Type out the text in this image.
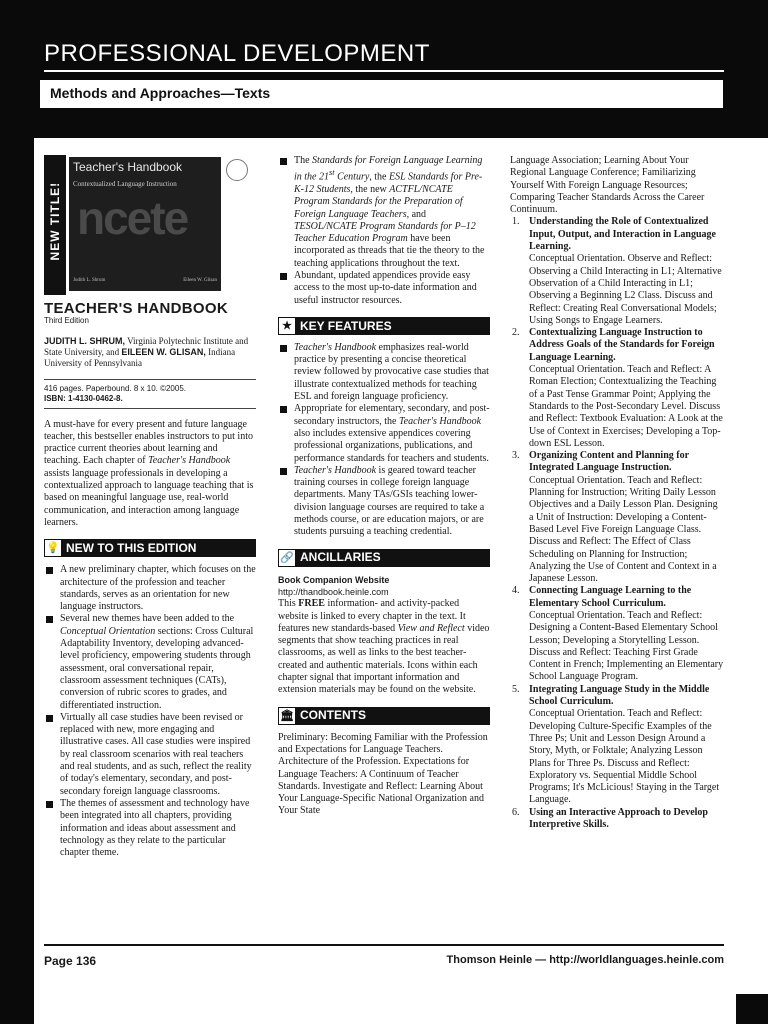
PROFESSIONAL DEVELOPMENT
Methods and Approaches—Texts
NEW TITLE!
Teacher's Handbook
Contextualized Language Instruction
ncete
Judith L. Shrum	Eileen W. Glisan
TEACHER'S HANDBOOK
Third Edition
JUDITH L. SHRUM, Virginia Polytechnic Institute and State University, and EILEEN W. GLISAN, Indiana University of Pennsylvania
416 pages. Paperbound. 8 x 10. ©2005.
ISBN: 1-4130-0462-8.

A must-have for every present and future language teacher, this bestseller enables instructors to put into practice current theories about learning and teaching. Each chapter of Teacher's Handbook assists language professionals in developing a contextualized approach to language teaching that is based on meaningful language use, real-world communication, and interaction among language learners.

💡 NEW TO THIS EDITION
A new preliminary chapter, which focuses on the architecture of the profession and teacher standards, serves as an orientation for new language instructors.
Several new themes have been added to the Conceptual Orientation sections: Cross Cultural Adaptability Inventory, developing advanced-level proficiency, empowering students through assessment, oral conversational repair, classroom assessment techniques (CATs), conversion of rubric scores to grades, and differentiated instruction.
Virtually all case studies have been revised or replaced with new, more engaging and illustrative cases. All case studies were inspired by real classroom scenarios with real teachers and real students, and as such, reflect the reality of today's elementary, secondary, and post-secondary foreign language classrooms.
The themes of assessment and technology have been integrated into all chapters, providing information and ideas about assessment and technology as they relate to the particular chapter theme.
The Standards for Foreign Language Learning in the 21st Century, the ESL Standards for Pre-K-12 Students, the new ACTFL/NCATE Program Standards for the Preparation of Foreign Language Teachers, and TESOL/NCATE Program Standards for P–12 Teacher Education Program have been incorporated as threads that tie the theory to the teaching applications throughout the text.
Abundant, updated appendices provide easy access to the most up-to-date information and useful instructor resources.
★ KEY FEATURES
Teacher's Handbook emphasizes real-world practice by presenting a concise theoretical review followed by provocative case studies that illustrate contextualized methods for teaching ESL and foreign language proficiency.
Appropriate for elementary, secondary, and post-secondary instructors, the Teacher's Handbook also includes extensive appendices covering professional organizations, publications, and performance standards for teachers and students.
Teacher's Handbook is geared toward teacher training courses in college foreign language departments. Many TAs/GSIs teaching lower-division language courses are required to take a methods course, or are education majors, or are students pursuing a teaching credential.
🔗 ANCILLARIES
Book Companion Website
http://thandbook.heinle.com

This FREE information- and activity-packed website is linked to every chapter in the text. It features new standards-based View and Reflect video segments that show teaching practices in real classrooms, as well as links to the best teacher-created and authentic materials. Icons within each chapter signal that important information and extension materials may be found on the website.

🏛 CONTENTS

Preliminary: Becoming Familiar with the Profession and Expectations for Language Teachers. Architecture of the Profession. Expectations for Language Teachers: A Continuum of Teacher Standards. Investigate and Reflect: Learning About Your Language-Specific National Organization and Your State

Language Association; Learning About Your Regional Language Conference; Familiarizing Yourself With Foreign Language Resources; Comparing Teacher Standards Across the Career Continuum.

1. Understanding the Role of Contextualized Input, Output, and Interaction in Language Learning.
Conceptual Orientation. Observe and Reflect: Observing a Child Interacting in L1; Alternative Observation of a Child Interacting in L1; Observing a Beginning L2 Class. Discuss and Reflect: Creating Real Conversational Models; Using Songs to Engage Learners.
2. Contextualizing Language Instruction to Address Goals of the Standards for Foreign Language Learning.
Conceptual Orientation. Teach and Reflect: A Roman Election; Contextualizing the Teaching of a Past Tense Grammar Point; Applying the Standards to the Post-Secondary Level. Discuss and Reflect: Textbook Evaluation: A Look at the Use of Context in Exercises; Developing a Top-down ESL Lesson.
3. Organizing Content and Planning for Integrated Language Instruction.
Conceptual Orientation. Teach and Reflect: Planning for Instruction; Writing Daily Lesson Objectives and a Daily Lesson Plan. Designing a Unit of Instruction: Developing a Content-Based Level Five Foreign Language Class. Discuss and Reflect: The Effect of Class Scheduling on Planning for Instruction; Analyzing the Use of Content and Context in a Japanese Lesson.
4. Connecting Language Learning to the Elementary School Curriculum.
Conceptual Orientation. Teach and Reflect: Designing a Content-Based Elementary School Lesson; Developing a Storytelling Lesson. Discuss and Reflect: Teaching First Grade Content in French; Implementing an Elementary School Language Program.
5. Integrating Language Study in the Middle School Curriculum.
Conceptual Orientation. Teach and Reflect: Developing Culture-Specific Examples of the Three Ps; Unit and Lesson Design Around a Story, Myth, or Folktale; Analyzing Lesson Plans for Three Ps. Discuss and Reflect: Exploratory vs. Sequential Middle School Programs; It's McLicious! Staying in the Target Language.
6. Using an Interactive Approach to Develop Interpretive Skills.
Page 136	Thomson Heinle — http://worldlanguages.heinle.com
